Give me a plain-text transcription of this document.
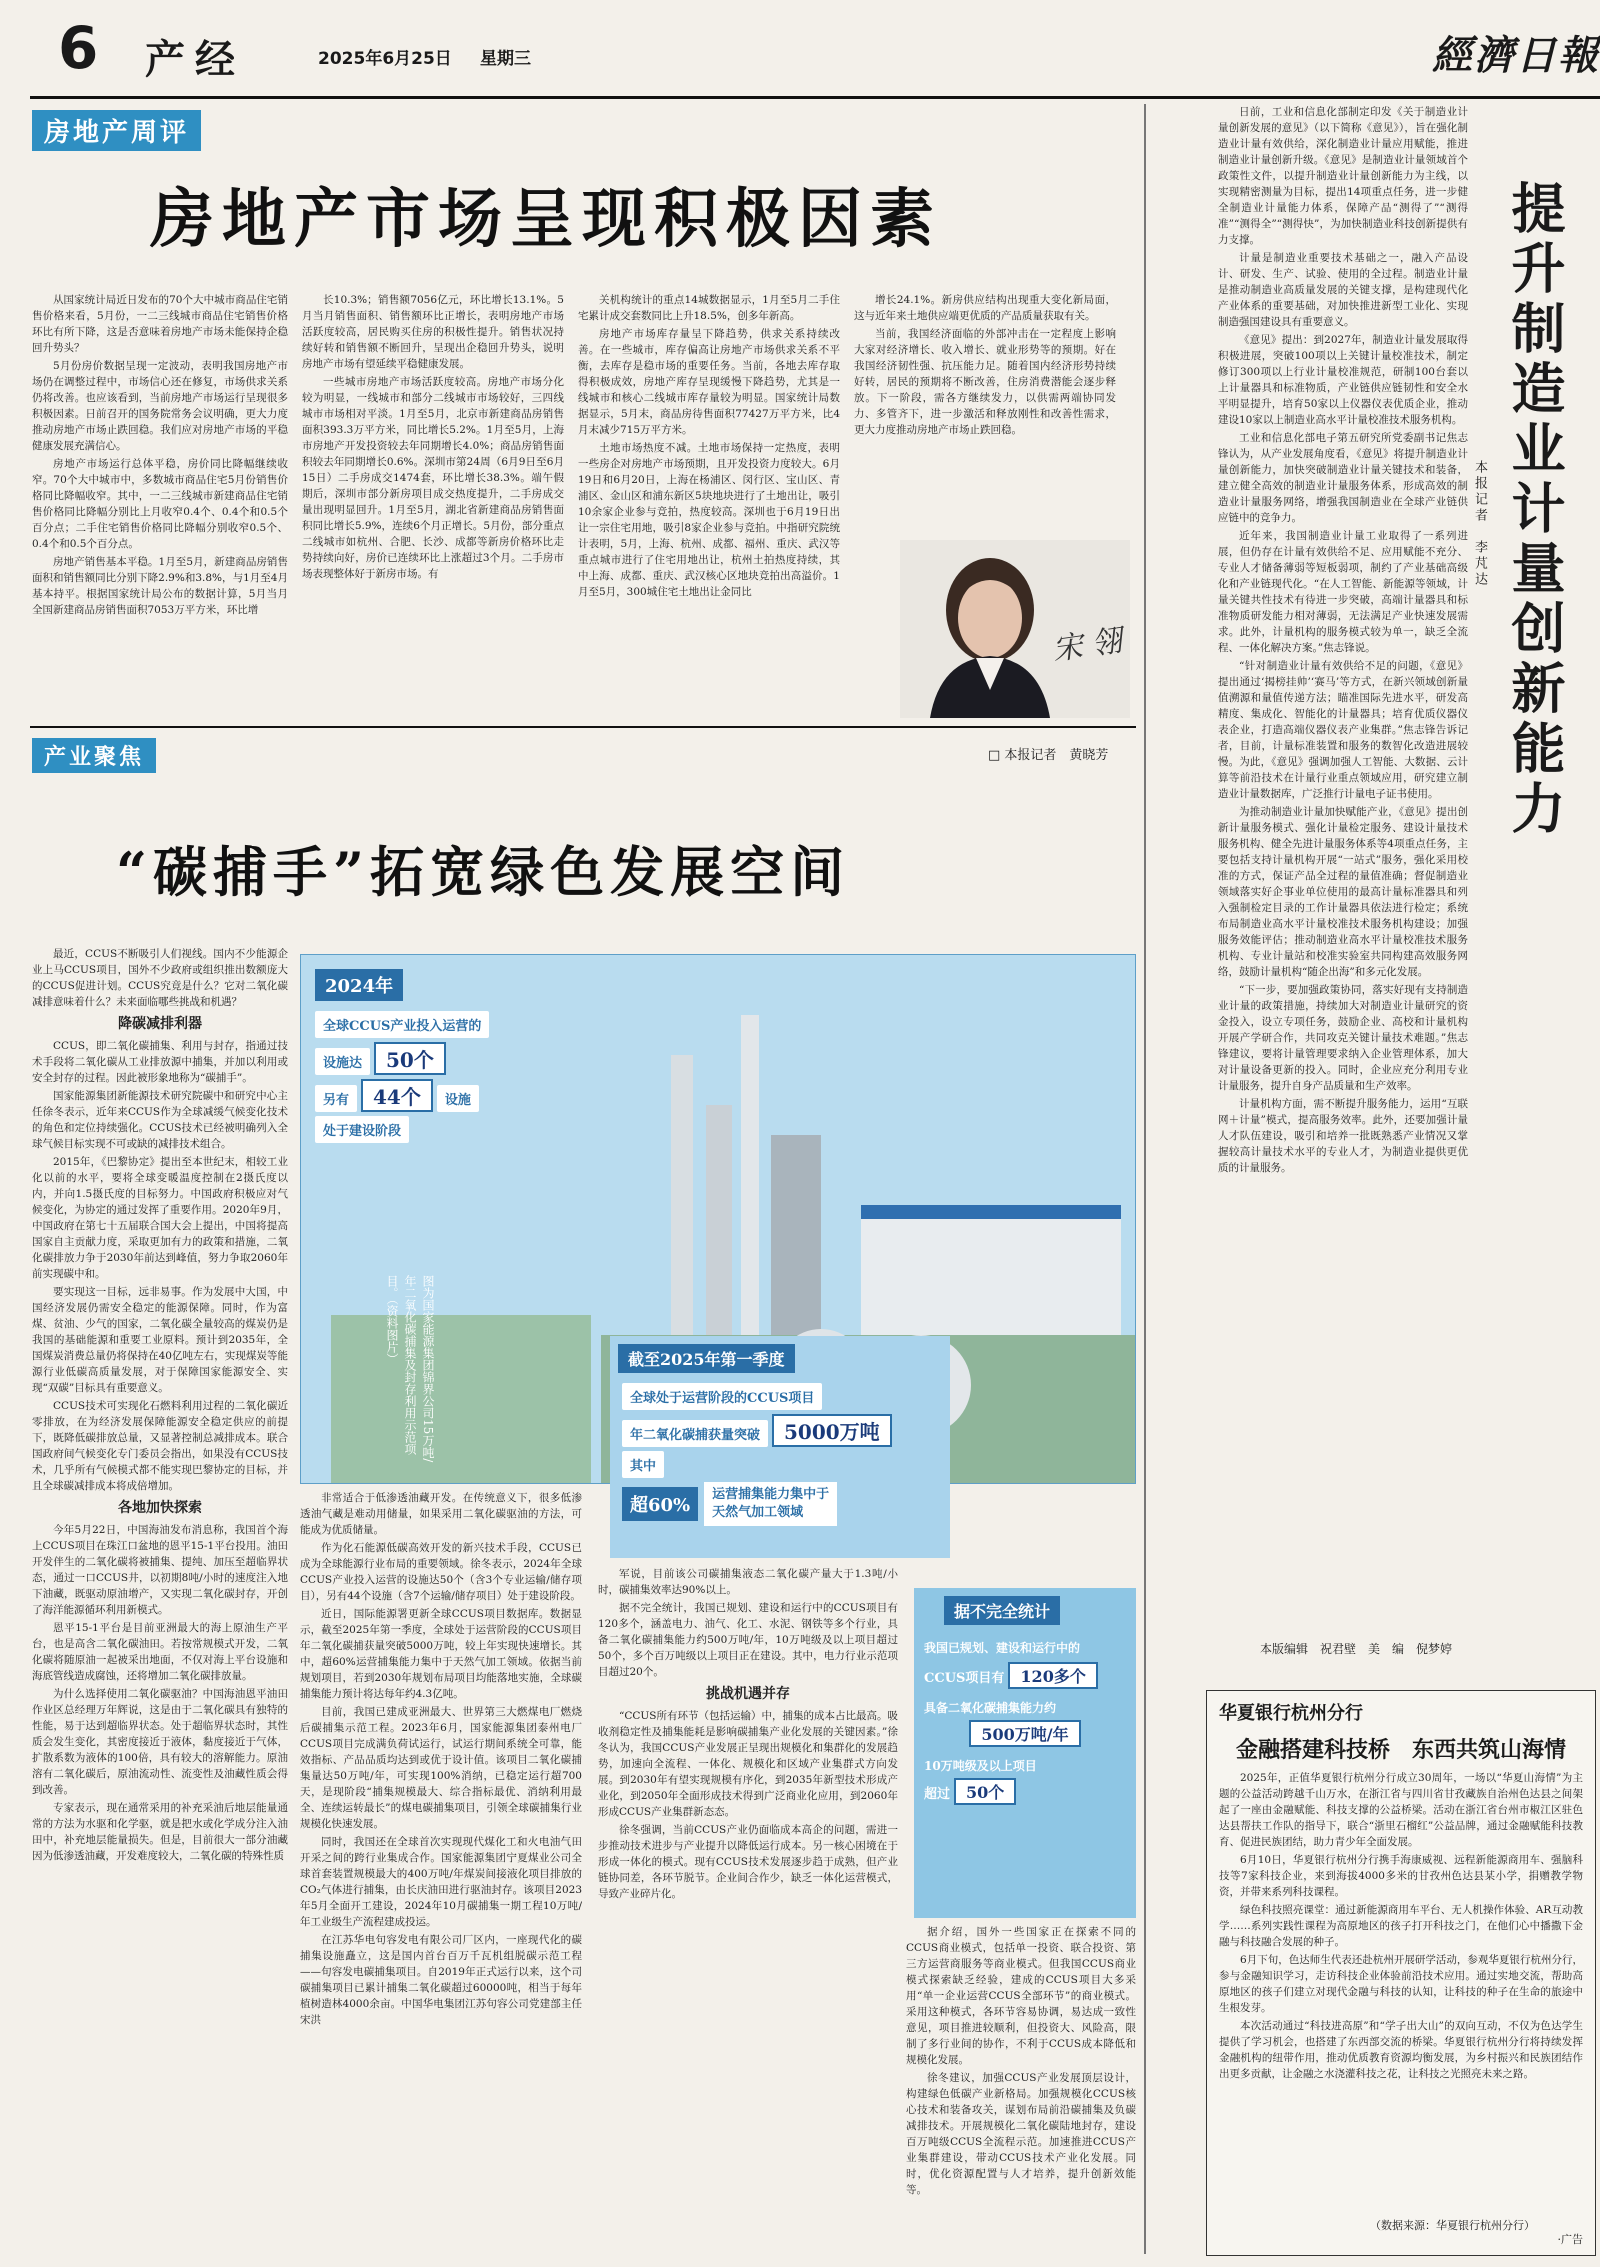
6 产经	2025年6月25日 星期三	經濟日報
房地产周评
房地产市场呈现积极因素

从国家统计局近日发布的70个大中城市商品住宅销售价格来看，5月份，一二三线城市商品住宅销售价格环比有所下降，这是否意味着房地产市场未能保持企稳回升势头？

5月份房价数据呈现一定波动，表明我国房地产市场仍在调整过程中，市场信心还在修复，市场供求关系仍将改善。也应该看到，当前房地产市场运行呈现很多积极因素。日前召开的国务院常务会议明确，更大力度推动房地产市场止跌回稳。我们应对房地产市场的平稳健康发展充满信心。

房地产市场运行总体平稳，房价同比降幅继续收窄。70个大中城市中，多数城市商品住宅5月份销售价格同比降幅收窄。其中，一二三线城市新建商品住宅销售价格同比降幅分别比上月收窄0.4个、0.4个和0.5个百分点；二手住宅销售价格同比降幅分别收窄0.5个、0.4个和0.5个百分点。

房地产销售基本平稳。1月至5月，新建商品房销售面积和销售额同比分别下降2.9%和3.8%，与1月至4月基本持平。根据国家统计局公布的数据计算，5月当月全国新建商品房销售面积7053万平方米，环比增

长10.3%；销售额7056亿元，环比增长13.1%。5月当月销售面积、销售额环比正增长，表明房地产市场活跃度较高，居民购买住房的积极性提升。销售状况持续好转和销售额不断回升，呈现出企稳回升势头，说明房地产市场有望延续平稳健康发展。

一些城市房地产市场活跃度较高。房地产市场分化较为明显，一线城市和部分二线城市市场较好，三四线城市市场相对平淡。1月至5月，北京市新建商品房销售面积393.3万平方米，同比增长5.2%。1月至5月，上海市房地产开发投资较去年同期增长4.0%；商品房销售面积较去年同期增长0.6%。深圳市第24周（6月9日至6月15日）二手房成交1474套，环比增长38.3%。端午假期后，深圳市部分新房项目成交热度提升，二手房成交量出现明显回升。1月至5月，湖北省新建商品房销售面积同比增长5.9%，连续6个月正增长。5月份，部分重点二线城市如杭州、合肥、长沙、成都等新房价格环比走势持续向好，房价已连续环比上涨超过3个月。二手房市场表现整体好于新房市场。有

关机构统计的重点14城数据显示，1月至5月二手住宅累计成交套数同比上升18.5%，创多年新高。

房地产市场库存量呈下降趋势，供求关系持续改善。在一些城市，库存偏高让房地产市场供求关系不平衡，去库存是稳市场的重要任务。当前，各地去库存取得积极成效，房地产库存呈现缓慢下降趋势，尤其是一线城市和核心二线城市库存量较为明显。国家统计局数据显示，5月末，商品房待售面积77427万平方米，比4月末减少715万平方米。

土地市场热度不减。土地市场保持一定热度，表明一些房企对房地产市场预期，且开发投资力度较大。6月19日和6月20日，上海在杨浦区、闵行区、宝山区、青浦区、金山区和浦东新区5块地块进行了土地出让，吸引10余家企业参与竞拍，热度较高。深圳也于6月19日出让一宗住宅用地，吸引8家企业参与竞拍。中指研究院统计表明，5月，上海、杭州、成都、福州、重庆、武汉等重点城市进行了住宅用地出让，杭州土拍热度持续，其中上海、成都、重庆、武汉核心区地块竞拍出高溢价。1月至5月，300城住宅土地出让金同比

增长24.1%。新房供应结构出现重大变化新局面，这与近年来土地供应端更优质的产品质量获取有关。

当前，我国经济面临的外部冲击在一定程度上影响大家对经济增长、收入增长、就业形势等的预期。好在我国经济韧性强、抗压能力足。随着国内经济形势持续好转，居民的预期将不断改善，住房消费潜能会逐步释放。下一阶段，需各方继续发力，以供需两端协同发力、多管齐下，进一步激活和释放刚性和改善性需求，更大力度推动房地产市场止跌回稳。

宋 翎
产业聚焦	□ 本报记者　黄晓芳
“碳捕手”拓宽绿色发展空间

最近，CCUS不断吸引人们视线。国内不少能源企业上马CCUS项目，国外不少政府或组织推出数额庞大的CCUS促进计划。CCUS究竟是什么？它对二氧化碳减排意味着什么？未来面临哪些挑战和机遇？

降碳减排利器

CCUS，即二氧化碳捕集、利用与封存，指通过技术手段将二氧化碳从工业排放源中捕集，并加以利用或安全封存的过程。因此被形象地称为“碳捕手”。

国家能源集团新能源技术研究院碳中和研究中心主任徐冬表示，近年来CCUS作为全球减缓气候变化技术的角色和定位持续强化。CCUS技术已经被明确列入全球气候目标实现不可或缺的减排技术组合。

2015年，《巴黎协定》提出至本世纪末，相较工业化以前的水平，要将全球变暖温度控制在2摄氏度以内，并向1.5摄氏度的目标努力。中国政府积极应对气候变化，为协定的通过发挥了重要作用。2020年9月，中国政府在第七十五届联合国大会上提出，中国将提高国家自主贡献力度，采取更加有力的政策和措施，二氧化碳排放力争于2030年前达到峰值，努力争取2060年前实现碳中和。

要实现这一目标，远非易事。作为发展中大国，中国经济发展仍需安全稳定的能源保障。同时，作为富煤、贫油、少气的国家，二氧化碳全量较高的煤炭仍是我国的基础能源和重要工业原料。预计到2035年，全国煤炭消费总量仍将保持在40亿吨左右，实现煤炭等能源行业低碳高质量发展，对于保障国家能源安全、实现“双碳”目标具有重要意义。

CCUS技术可实现化石燃料利用过程的二氧化碳近零排放，在为经济发展保障能源安全稳定供应的前提下，既降低碳排放总量，又显著控制总减排成本。联合国政府间气候变化专门委员会指出，如果没有CCUS技术，几乎所有气候模式都不能实现巴黎协定的目标，并且全球碳减排成本将成倍增加。

各地加快探索

今年5月22日，中国海油发布消息称，我国首个海上CCUS项目在珠江口盆地的恩平15-1平台投用。油田开发伴生的二氧化碳将被捕集、提纯、加压至超临界状态，通过一口CCUS井，以初期8吨/小时的速度注入地下油藏，既驱动原油增产，又实现二氧化碳封存，开创了海洋能源循环利用新模式。

恩平15-1平台是目前亚洲最大的海上原油生产平台，也是高含二氧化碳油田。若按常规模式开发，二氧化碳将随原油一起被采出地面，不仅对海上平台设施和海底管线造成腐蚀，还将增加二氧化碳排放量。

为什么选择使用二氧化碳驱油？中国海油恩平油田作业区总经理万年辉说，这是由于二氧化碳具有独特的性能，易于达到超临界状态。处于超临界状态时，其性质会发生变化，其密度接近于液体，黏度接近于气体，扩散系数为液体的100倍，具有较大的溶解能力。原油溶有二氧化碳后，原油流动性、流变性及油藏性质会得到改善。

专家表示，现在通常采用的补充采油后地层能量通常的方法为水驱和化学驱，就是把水或化学成分注入油田中，补充地层能量损失。但是，目前很大一部分油藏因为低渗透油藏，开发难度较大，二氧化碳的特殊性质

2024年
全球CCUS产业投入运营的
设施达 50个
另有 44个 设施
处于建设阶段
图为国家能源集团锦界公司15万吨/年二氧化碳捕集及封存利用示范项目。（资料图片）	截至2025年第一季度
全球处于运营阶段的CCUS项目
年二氧化碳捕获量突破 5000万吨
其中
超60%
运营捕集能力集中于
天然气加工领域
据不完全统计
我国已规划、建设和运行中的
CCUS项目有 120多个
具备二氧化碳捕集能力约
500万吨/年
10万吨级及以上项目
超过 50个

非常适合于低渗透油藏开发。在传统意义下，很多低渗透油气藏是难动用储量，如果采用二氧化碳驱油的方法，可能成为优质储量。

作为化石能源低碳高效开发的新兴技术手段，CCUS已成为全球能源行业布局的重要领域。徐冬表示，2024年全球CCUS产业投入运营的设施达50个（含3个专业运输/储存项目），另有44个设施（含7个运输/储存项目）处于建设阶段。

近日，国际能源署更新全球CCUS项目数据库。数据显示，截至2025年第一季度，全球处于运营阶段的CCUS项目年二氧化碳捕获量突破5000万吨，较上年实现快速增长。其中，超60%运营捕集能力集中于天然气加工领域。依据当前规划项目，若到2030年规划布局项目均能落地实施，全球碳捕集能力预计将达每年约4.3亿吨。

目前，我国已建成亚洲最大、世界第三大燃煤电厂燃烧后碳捕集示范工程。2023年6月，国家能源集团泰州电厂CCUS项目完成满负荷试运行，试运行期间系统全可靠，能效指标、产品品质均达到或优于设计值。该项目二氧化碳捕集量达50万吨/年，可实现100%消纳，已稳定运行超700天，是现阶段“捕集规模最大、综合指标最优、消纳利用最全、连续运转最长”的煤电碳捕集项目，引领全球碳捕集行业规模化快速发展。

同时，我国还在全球首次实现现代煤化工和火电油气田开采之间的跨行业集成合作。国家能源集团宁夏煤业公司全球首套装置规模最大的400万吨/年煤炭间接液化项目排放的CO₂气体进行捕集，由长庆油田进行驱油封存。该项目2023年5月全面开工建设，2024年10月碳捕集一期工程10万吨/年工业级生产流程建成投运。

在江苏华电句容发电有限公司厂区内，一座现代化的碳捕集设施矗立，这是国内首台百万千瓦机组脱碳示范工程——句容发电碳捕集项目。自2019年正式运行以来，这个司碳捕集项目已累计捕集二氧化碳超过60000吨，相当于每年植树造林4000余亩。中国华电集团江苏句容公司党建部主任宋洪

军说，目前该公司碳捕集液态二氧化碳产量大于1.3吨/小时，碳捕集效率达90%以上。

据不完全统计，我国已规划、建设和运行中的CCUS项目有120多个，涵盖电力、油气、化工、水泥、钢铁等多个行业，具备二氧化碳捕集能力约500万吨/年，10万吨级及以上项目超过50个，多个百万吨级以上项目正在建设。其中，电力行业示范项目超过20个。

挑战机遇并存

“CCUS所有环节（包括运输）中，捕集的成本占比最高。吸收剂稳定性及捕集能耗是影响碳捕集产业化发展的关键因素。”徐冬认为，我国CCUS产业发展正呈现出规模化和集群化的发展趋势，加速向全流程、一体化、规模化和区域产业集群式方向发展。到2030年有望实现规模有序化，到2035年新型技术形成产业化，到2050年全面形成技术得到广泛商业化应用，到2060年形成CCUS产业集群新态态。

徐冬强调，当前CCUS产业仍面临成本高企的问题，需进一步推动技术进步与产业提升以降低运行成本。另一核心困境在于形成一体化的模式。现有CCUS技术发展逐步趋于成熟，但产业链协同差，各环节脱节。企业间合作少，缺乏一体化运营模式，导致产业碎片化。

据介绍，国外一些国家正在探索不同的CCUS商业模式，包括单一投资、联合投资、第三方运营商服务等商业模式。但我国CCUS商业模式探索缺乏经验，建成的CCUS项目大多采用“单一企业运营CCUS全部环节”的商业模式。采用这种模式，各环节容易协调，易达成一致性意见，项目推进较顺利，但投资大、风险高，限制了多行业间的协作，不利于CCUS成本降低和规模化发展。

徐冬建议，加强CCUS产业发展顶层设计，构建绿色低碳产业新格局。加强规模化CCUS核心技术和装备攻关，谋划布局前沿碳捕集及负碳减排技术。开展规模化二氧化碳陆地封存，建设百万吨级CCUS全流程示范。加速推进CCUS产业集群建设，带动CCUS技术产业化发展。同时，优化资源配置与人才培养，提升创新效能等。

日前，工业和信息化部制定印发《关于制造业计量创新发展的意见》（以下简称《意见》），旨在强化制造业计量有效供给，深化制造业计量应用赋能，推进制造业计量创新升级。《意见》是制造业计量领域首个政策性文件，以提升制造业计量创新能力为主线，以实现精密测量为目标，提出14项重点任务，进一步健全制造业计量能力体系，保障产品“测得了”“测得准”“测得全”“测得快”，为加快制造业科技创新提供有力支撑。

计量是制造业重要技术基础之一，融入产品设计、研发、生产、试验、使用的全过程。制造业计量是推动制造业高质量发展的关键支撑，是构建现代化产业体系的重要基础，对加快推进新型工业化、实现制造强国建设具有重要意义。

《意见》提出：到2027年，制造业计量发展取得积极进展，突破100项以上关键计量校准技术，制定修订300项以上行业计量校准规范，研制100台套以上计量器具和标准物质，产业链供应链韧性和安全水平明显提升，培育50家以上仪器仪表优质企业，推动建设10家以上制造业高水平计量校准技术服务机构。

工业和信息化部电子第五研究所党委副书记焦志锋认为，从产业发展角度看，《意见》将提升制造业计量创新能力，加快突破制造业计量关键技术和装备，建立健全高效的制造业计量服务体系，形成高效的制造业计量服务网络，增强我国制造业在全球产业链供应链中的竞争力。

近年来，我国制造业计量工业取得了一系列进展，但仍存在计量有效供给不足、应用赋能不充分、专业人才储备薄弱等短板弱项，制约了产业基础高级化和产业链现代化。“在人工智能、新能源等领域，计量关键共性技术有待进一步突破，高端计量器具和标准物质研发能力相对薄弱，无法满足产业快速发展需求。此外，计量机构的服务模式较为单一，缺乏全流程、一体化解决方案。”焦志锋说。

“针对制造业计量有效供给不足的问题，《意见》提出通过‘揭榜挂帅’‘赛马’等方式，在新兴领域创新量值溯源和量值传递方法；瞄准国际先进水平，研发高精度、集成化、智能化的计量器具；培育优质仪器仪表企业，打造高端仪器仪表产业集群。”焦志锋告诉记者，目前，计量标准装置和服务的数智化改造进展较慢。为此，《意见》强调加强人工智能、大数据、云计算等前沿技术在计量行业重点领域应用，研究建立制造业计量数据库，广泛推行计量电子证书使用。

为推动制造业计量加快赋能产业，《意见》提出创新计量服务模式、强化计量检定服务、建设计量技术服务机构、健全先进计量服务体系等4项重点任务，主要包括支持计量机构开展“一站式”服务，强化采用校准的方式，保证产品全过程的量值准确；督促制造业领域落实好企事业单位使用的最高计量标准器具和列入强制检定目录的工作计量器具依法进行检定；系统布局制造业高水平计量校准技术服务机构建设；加强服务效能评估；推动制造业高水平计量校准技术服务机构、专业计量站和校准实验室共同构建高效服务网络，鼓励计量机构“随企出海”和多元化发展。

“下一步，要加强政策协同，落实好现有支持制造业计量的政策措施，持续加大对制造业计量研究的资金投入，设立专项任务，鼓励企业、高校和计量机构开展产学研合作，共同攻克关键计量技术难题。”焦志锋建议，要将计量管理要求纳入企业管理体系，加大对计量设备更新的投入。同时，企业应充分利用专业计量服务，提升自身产品质量和生产效率。

计量机构方面，需不断提升服务能力，运用“互联网＋计量”模式，提高服务效率。此外，还要加强计量人才队伍建设，吸引和培养一批既熟悉产业情况又掌握较高计量技术水平的专业人才，为制造业提供更优质的计量服务。

提升制造业计量创新能力
本报记者　李芃达
本版编辑　祝君壁　美　编　倪梦婷
华夏银行杭州分行
金融搭建科技桥　东西共筑山海情

2025年，正值华夏银行杭州分行成立30周年，一场以“华夏山海情”为主题的公益活动跨越千山万水，在浙江省与四川省甘孜藏族自治州色达县之间架起了一座由金融赋能、科技支撑的公益桥梁。活动在浙江省台州市椒江区驻色达县帮扶工作队的指导下，联合“浙里石榴红”公益品牌，通过金融赋能科技教育、促进民族团结，助力青少年全面发展。

6月10日，华夏银行杭州分行携手海康威视、远程新能源商用车、强脑科技等7家科技企业，来到海拔4000多米的甘孜州色达县某小学，捐赠教学物资，并带来系列科技课程。

绿色科技照亮课堂：通过新能源商用车平台、无人机操作体验、AR互动教学……系列实践性课程为高原地区的孩子打开科技之门，在他们心中播撒下金融与科技融合发展的种子。

6月下旬，色达师生代表还赴杭州开展研学活动，参观华夏银行杭州分行，参与金融知识学习，走访科技企业体验前沿技术应用。通过实地交流，帮助高原地区的孩子们建立对现代金融与科技的认知，让科技的种子在生命的旅途中生根发芽。

本次活动通过“科技进高原”和“学子出大山”的双向互动，不仅为色达学生提供了学习机会，也搭建了东西部交流的桥梁。华夏银行杭州分行将持续发挥金融机构的纽带作用，推动优质教育资源均衡发展，为乡村振兴和民族团结作出更多贡献，让金融之水浇灌科技之花，让科技之光照亮未来之路。

（数据来源：华夏银行杭州分行）
·广告
